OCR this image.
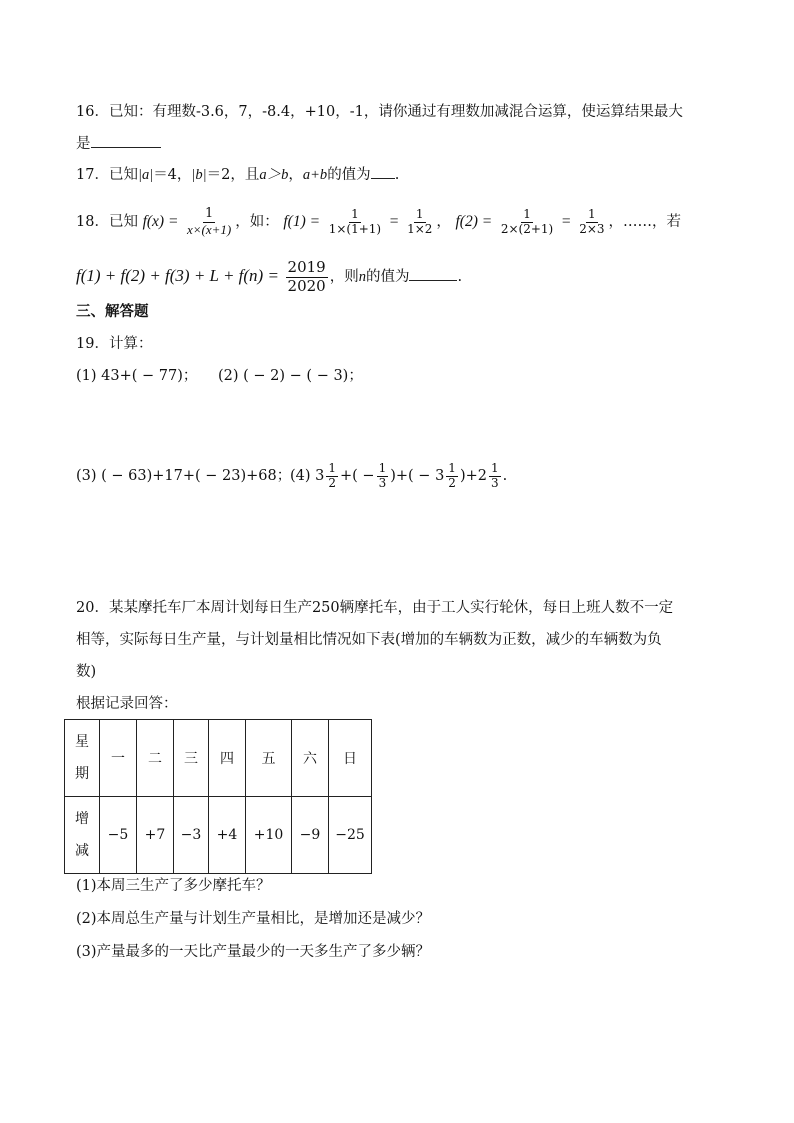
16．已知：有理数-3.6，7，-8.4，+10，-1，请你通过有理数加减混合运算，使运算结果最大
是
17．已知|a|＝4，|b|＝2，且a＞b，a+b的值为 .
18．已知 $f(x) = \frac{1}{x\times(x+1)}$ ，如： $f(1) = \frac{1}{1\times(1+1)} = \frac{1}{1\times 2}$ ， $f(2) = \frac{1}{2\times(2+1)} = \frac{1}{2\times 3}$ ，……，若
$f(1) + f(2) + f(3) + L + f(n) = \frac{2019}{2020}$ ，则n的值为	.
三、解答题
19．计算：
(1) 43+( − 77)； (2) ( − 2) − ( − 3)；
(3) ( − 63)+17+( − 23)+68；
(4) $3 \frac{1}{2}$ +( − $\frac{1}{3}$ )+( − $3 \frac{1}{2} )+2 \frac{1}{3}$ .
20．某某摩托车厂本周计划每日生产250辆摩托车，由于工人实行轮休，每日上班人数不一定
相等，实际每日生产量，与计划量相比情况如下表(增加的车辆数为正数，减少的车辆数为负
数)
根据记录回答：
星
期	一	二	三	四	五	六	日

增
减	−5	+7	−3	+4	+10	−9	−25
(1)本周三生产了多少摩托车？
(2)本周总生产量与计划生产量相比，是增加还是减少？
(3)产量最多的一天比产量最少的一天多生产了多少辆？
